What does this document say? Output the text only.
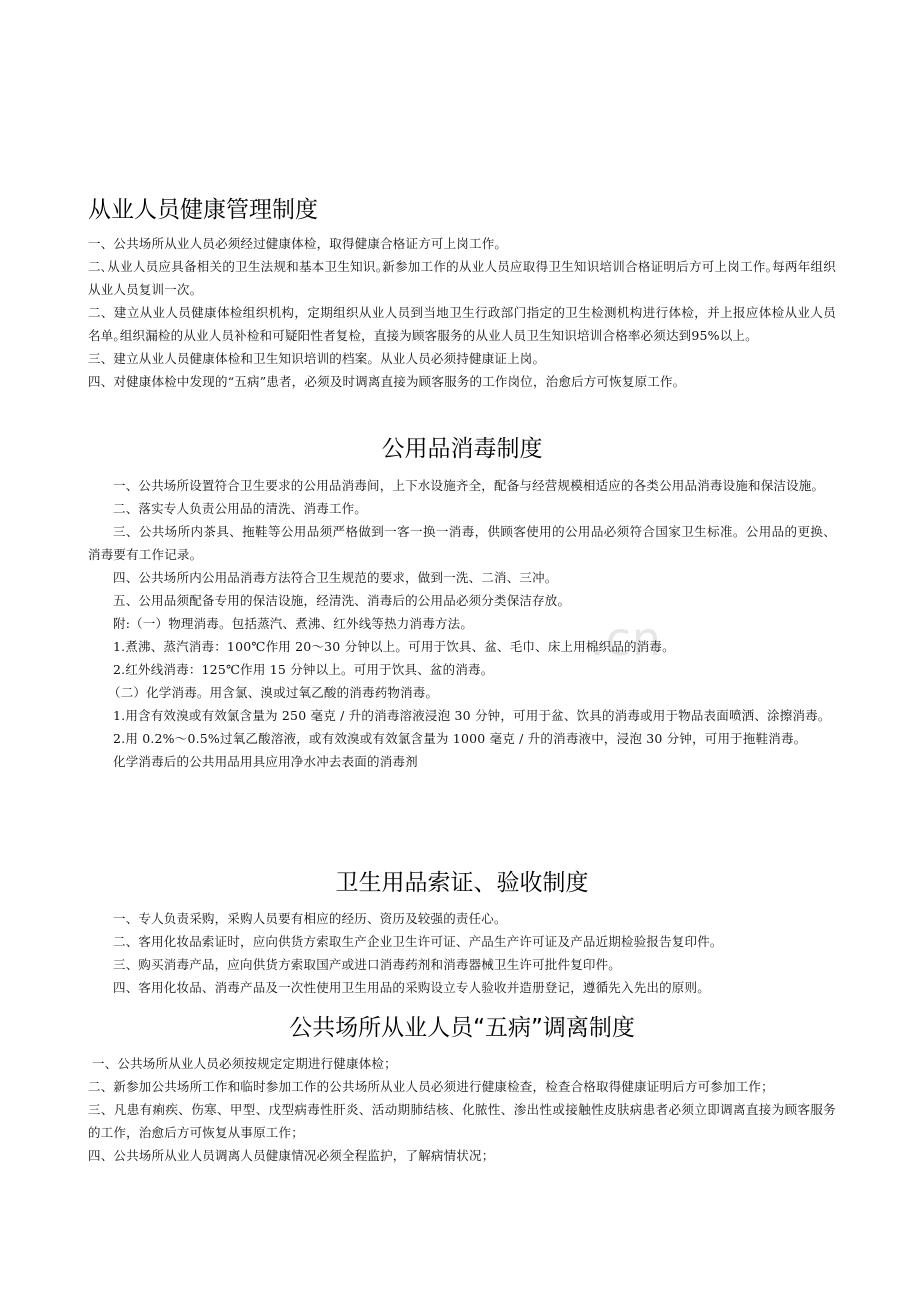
.cn
从业人员健康管理制度

一、公共场所从业人员必须经过健康体检，取得健康合格证方可上岗工作。

二､从业人员应具备相关的卫生法规和基本卫生知识｡新参加工作的从业人员应取得卫生知识培训合格证明后方可上岗工作｡每两年组织从业人员复训一次。

二、建立从业人员健康体检组织机构，定期组织从业人员到当地卫生行政部门指定的卫生检测机构进行体检，并上报应体检从业人员名单｡组织漏检的从业人员补检和可疑阳性者复检，直接为顾客服务的从业人员卫生知识培训合格率必须达到95%以上。

三、建立从业人员健康体检和卫生知识培训的档案。从业人员必须持健康证上岗。

四、对健康体检中发现的“五病”患者，必须及时调离直接为顾客服务的工作岗位，治愈后方可恢复原工作。

公用品消毒制度

一、公共场所设置符合卫生要求的公用品消毒间，上下水设施齐全，配备与经营规模相适应的各类公用品消毒设施和保洁设施。

二、落实专人负责公用品的清洗、消毒工作。

三、公共场所内茶具、拖鞋等公用品须严格做到一客一换一消毒，供顾客使用的公用品必须符合国家卫生标准。公用品的更换、消毒要有工作记录。

四、公共场所内公用品消毒方法符合卫生规范的要求，做到一洗、二消、三冲。

五、公用品须配备专用的保洁设施，经清洗、消毒后的公用品必须分类保洁存放。

附:（一）物理消毒。包括蒸汽、煮沸、红外线等热力消毒方法。

1.煮沸、蒸汽消毒：100℃作用 20～30 分钟以上。可用于饮具、盆、毛巾、床上用棉织品的消毒。

2.红外线消毒：125℃作用 15 分钟以上。可用于饮具、盆的消毒。

（二）化学消毒。用含氯、溴或过氧乙酸的消毒药物消毒。

1.用含有效溴或有效氯含量为 250 毫克 / 升的消毒溶液浸泡 30 分钟，可用于盆、饮具的消毒或用于物品表面喷洒、涂擦消毒。

2.用 0.2%～0.5%过氧乙酸溶液，或有效溴或有效氯含量为 1000 毫克 / 升的消毒液中，浸泡 30 分钟，可用于拖鞋消毒。

化学消毒后的公共用品用具应用净水冲去表面的消毒剂

卫生用品索证、验收制度

一、专人负责采购，采购人员要有相应的经历、资历及较强的责任心。

二、客用化妆品索证时，应向供货方索取生产企业卫生许可证、产品生产许可证及产品近期检验报告复印件。

三、购买消毒产品，应向供货方索取国产或进口消毒药剂和消毒器械卫生许可批件复印件。

四、客用化妆品、消毒产品及一次性使用卫生用品的采购设立专人验收并造册登记，遵循先入先出的原则。

公共场所从业人员“五病”调离制度

一、公共场所从业人员必须按规定定期进行健康体检；

二、新参加公共场所工作和临时参加工作的公共场所从业人员必须进行健康检查，检查合格取得健康证明后方可参加工作；

三、凡患有痢疾、伤寒、甲型、戊型病毒性肝炎、活动期肺结核、化脓性、渗出性或接触性皮肤病患者必须立即调离直接为顾客服务的工作，治愈后方可恢复从事原工作；

四、公共场所从业人员调离人员健康情况必须全程监护，了解病情状况；
